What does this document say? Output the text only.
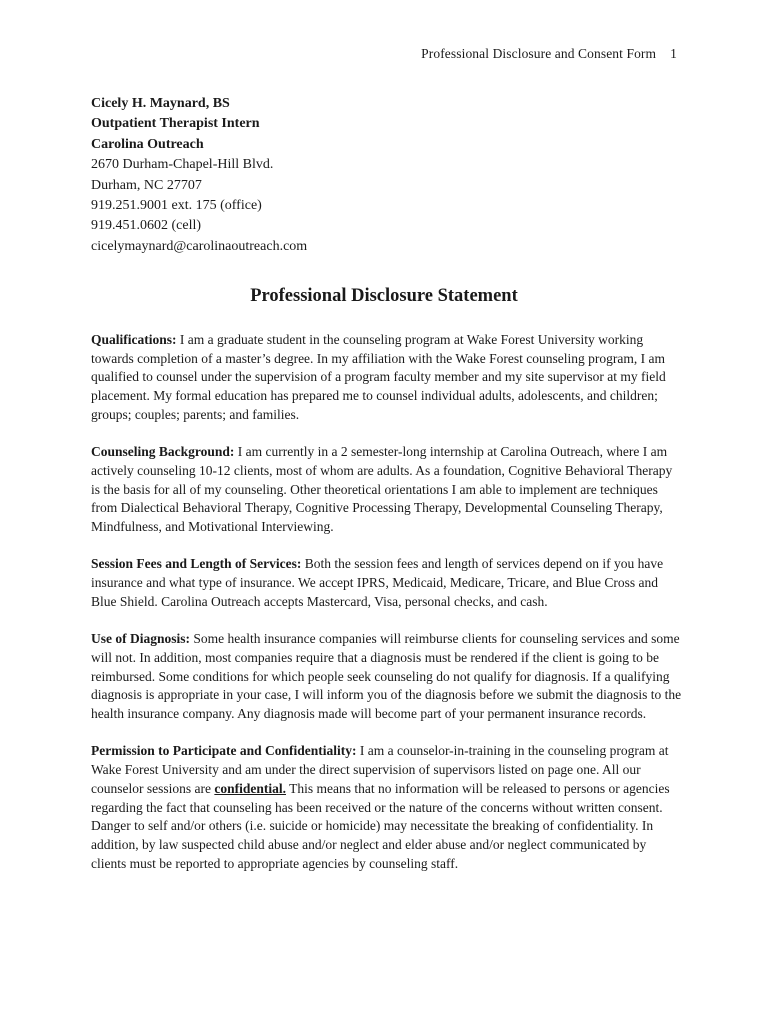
Professional Disclosure and Consent Form 1
Cicely H. Maynard, BS
Outpatient Therapist Intern
Carolina Outreach
2670 Durham-Chapel-Hill Blvd.
Durham, NC 27707
919.251.9001 ext. 175 (office)
919.451.0602 (cell)
cicelymaynard@carolinaoutreach.com
Professional Disclosure Statement

Qualifications: I am a graduate student in the counseling program at Wake Forest University working towards completion of a master’s degree. In my affiliation with the Wake Forest counseling program, I am qualified to counsel under the supervision of a program faculty member and my site supervisor at my field placement. My formal education has prepared me to counsel individual adults, adolescents, and children; groups; couples; parents; and families.

Counseling Background: I am currently in a 2 semester-long internship at Carolina Outreach, where I am actively counseling 10-12 clients, most of whom are adults. As a foundation, Cognitive Behavioral Therapy is the basis for all of my counseling. Other theoretical orientations I am able to implement are techniques from Dialectical Behavioral Therapy, Cognitive Processing Therapy, Developmental Counseling Therapy, Mindfulness, and Motivational Interviewing.

Session Fees and Length of Services: Both the session fees and length of services depend on if you have insurance and what type of insurance. We accept IPRS, Medicaid, Medicare, Tricare, and Blue Cross and Blue Shield. Carolina Outreach accepts Mastercard, Visa, personal checks, and cash.

Use of Diagnosis: Some health insurance companies will reimburse clients for counseling services and some will not. In addition, most companies require that a diagnosis must be rendered if the client is going to be reimbursed. Some conditions for which people seek counseling do not qualify for diagnosis. If a qualifying diagnosis is appropriate in your case, I will inform you of the diagnosis before we submit the diagnosis to the health insurance company. Any diagnosis made will become part of your permanent insurance records.

Permission to Participate and Confidentiality: I am a counselor-in-training in the counseling program at Wake Forest University and am under the direct supervision of supervisors listed on page one. All our counselor sessions are confidential. This means that no information will be released to persons or agencies regarding the fact that counseling has been received or the nature of the concerns without written consent. Danger to self and/or others (i.e. suicide or homicide) may necessitate the breaking of confidentiality. In addition, by law suspected child abuse and/or neglect and elder abuse and/or neglect communicated by clients must be reported to appropriate agencies by counseling staff.
